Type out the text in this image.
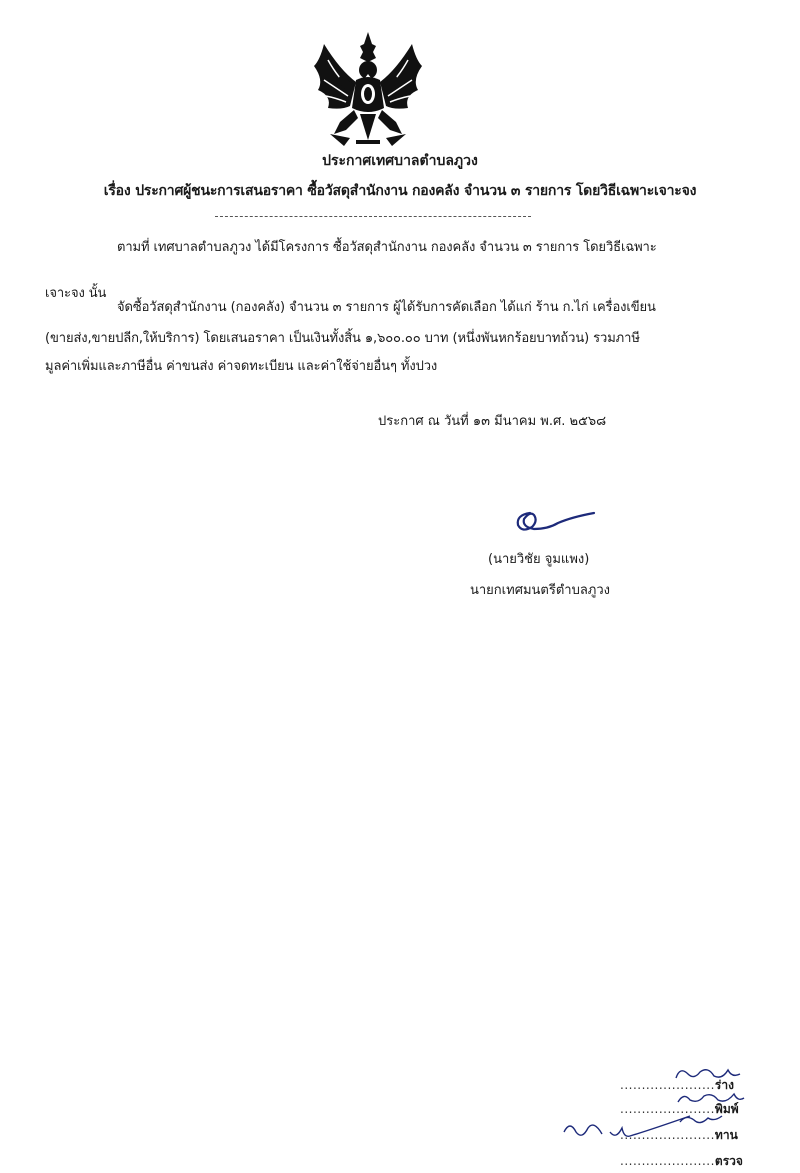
ประกาศเทศบาลตำบลภูวง
เรื่อง ประกาศผู้ชนะการเสนอราคา ซื้อวัสดุสำนักงาน กองคลัง จำนวน ๓ รายการ โดยวิธีเฉพาะเจาะจง
ตามที่ เทศบาลตำบลภูวง ได้มีโครงการ ซื้อวัสดุสำนักงาน กองคลัง จำนวน ๓ รายการ โดยวิธีเฉพาะ
เจาะจง นั้น
จัดซื้อวัสดุสำนักงาน (กองคลัง) จำนวน ๓ รายการ ผู้ได้รับการคัดเลือก ได้แก่ ร้าน ก.ไก่ เครื่องเขียน
(ขายส่ง,ขายปลีก,ให้บริการ) โดยเสนอราคา เป็นเงินทั้งสิ้น ๑,๖๐๐.๐๐ บาท (หนึ่งพันหกร้อยบาทถ้วน) รวมภาษี
มูลค่าเพิ่มและภาษีอื่น ค่าขนส่ง ค่าจดทะเบียน และค่าใช้จ่ายอื่นๆ ทั้งปวง
ประกาศ ณ วันที่ ๑๓ มีนาคม พ.ศ. ๒๕๖๘
(นายวิชัย จูมแพง)
นายกเทศมนตรีตำบลภูวง
......................ร่าง
......................พิมพ์
......................ทาน
......................ตรวจ
